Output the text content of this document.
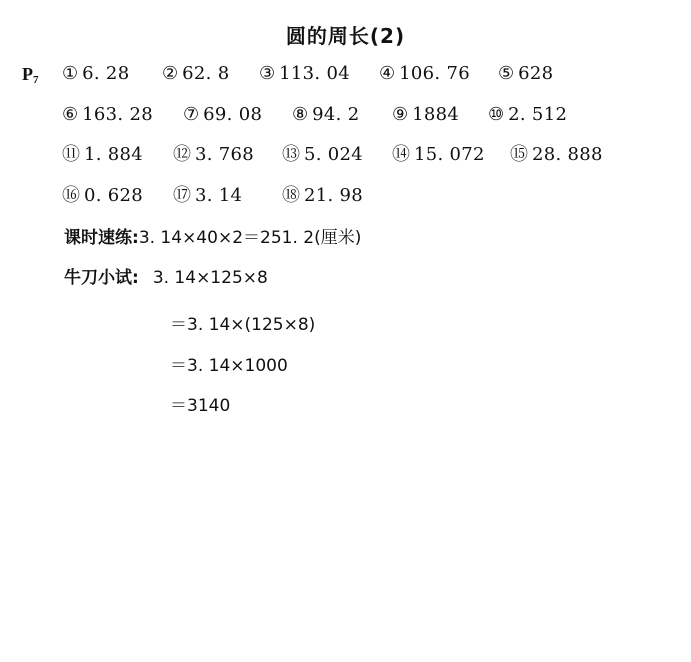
圆的周长(2)
$P_7$ ① 6. 28 ② 62. 8 ③ 113. 04 ④ 106. 76 ⑤ 628
⑥ 163. 28 ⑦ 69. 08 ⑧ 94. 2 ⑨ 1884 ⑩ 2. 512
⑪ 1. 884 ⑫ 3. 768 ⑬ 5. 024 ⑭ 15. 072 ⑮ 28. 888
⑯ 0. 628 ⑰ 3. 14 ⑱ 21. 98
课时速练:3. 14×40×2＝251. 2(厘米)
牛刀小试: 3. 14×125×8
＝3. 14×(125×8)
＝3. 14×1000
＝3140
